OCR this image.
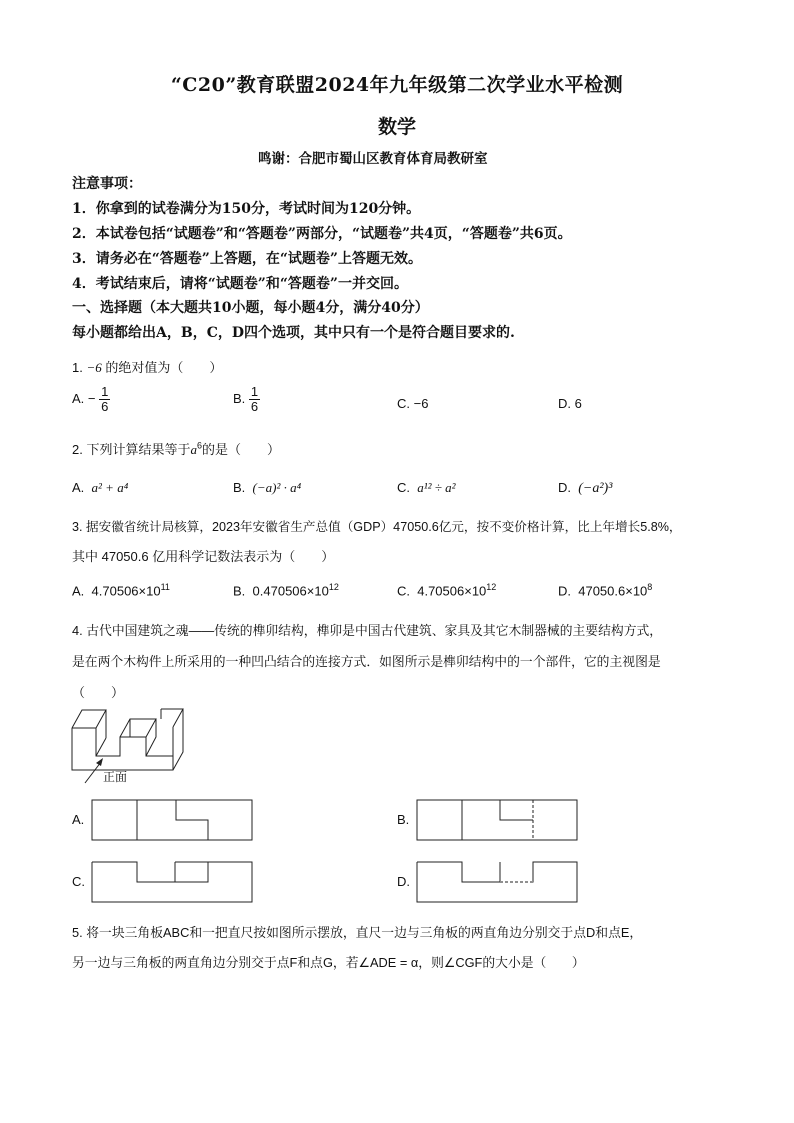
“C20”教育联盟2024年九年级第二次学业水平检测
数学
鸣谢：合肥市蜀山区教育体育局教研室
注意事项：
1．你拿到的试卷满分为150分，考试时间为120分钟。
2．本试卷包括“试题卷”和“答题卷”两部分，“试题卷”共4页，“答题卷”共6页。
3．请务必在“答题卷”上答题，在“试题卷”上答题无效。
4．考试结束后，请将“试题卷”和“答题卷”一并交回。
一、选择题（本大题共10小题，每小题4分，满分40分）
每小题都给出A，B，C，D四个选项，其中只有一个是符合题目要求的.
1. −6 的绝对值为（　　）
A. − $\frac{1}{6}$	B. $\frac{1}{6}$	C. −6	D. 6
2. 下列计算结果等于$a^6$的是（　　）
A. a² + a⁴	B. (−a)² · a⁴	C. a¹² ÷ a²	D. (−a²)³
3. 据安徽省统计局核算，2023年安徽省生产总值（GDP）47050.6亿元，按不变价格计算，比上年增长5.8%，
其中 47050.6 亿用科学记数法表示为（　　）
A. $4.70506\times 10^{11}$	B. $0.470506\times 10^{12}$	C. $4.70506\times 10^{12}$	D. $47050.6\times 10^8$
4. 古代中国建筑之魂——传统的榫卯结构，榫卯是中国古代建筑、家具及其它木制器械的主要结构方式，
是在两个木构件上所采用的一种凹凸结合的连接方式．如图所示是榫卯结构中的一个部件，它的主视图是
（　　）
正面
A.	B.
C.	D.
5. 将一块三角板ABC和一把直尺按如图所示摆放，直尺一边与三角板的两直角边分别交于点D和点E，
另一边与三角板的两直角边分别交于点F和点G，若∠ADE = α，则∠CGF的大小是（　　）
